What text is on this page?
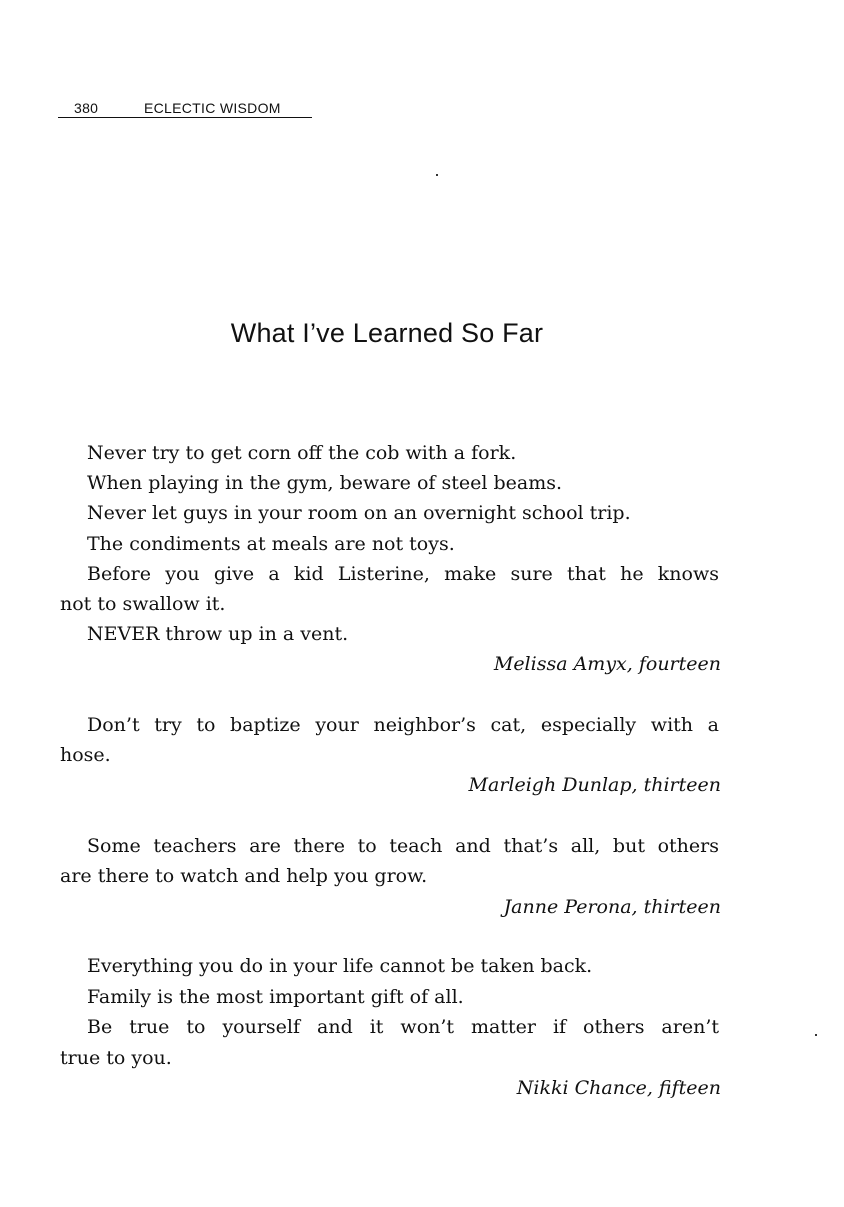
380	ECLECTIC WISDOM
What I’ve Learned So Far
Never try to get corn off the cob with a fork.
When playing in the gym, beware of steel beams.
Never let guys in your room on an overnight school trip.
The condiments at meals are not toys.
Before you give a kid Listerine, make sure that he knows
not to swallow it.
NEVER throw up in a vent.
Melissa Amyx, fourteen
Don’t try to baptize your neighbor’s cat, especially with a
hose.
Marleigh Dunlap, thirteen
Some teachers are there to teach and that’s all, but others
are there to watch and help you grow.
Janne Perona, thirteen
Everything you do in your life cannot be taken back.
Family is the most important gift of all.
Be true to yourself and it won’t matter if others aren’t
true to you.
Nikki Chance, fifteen
